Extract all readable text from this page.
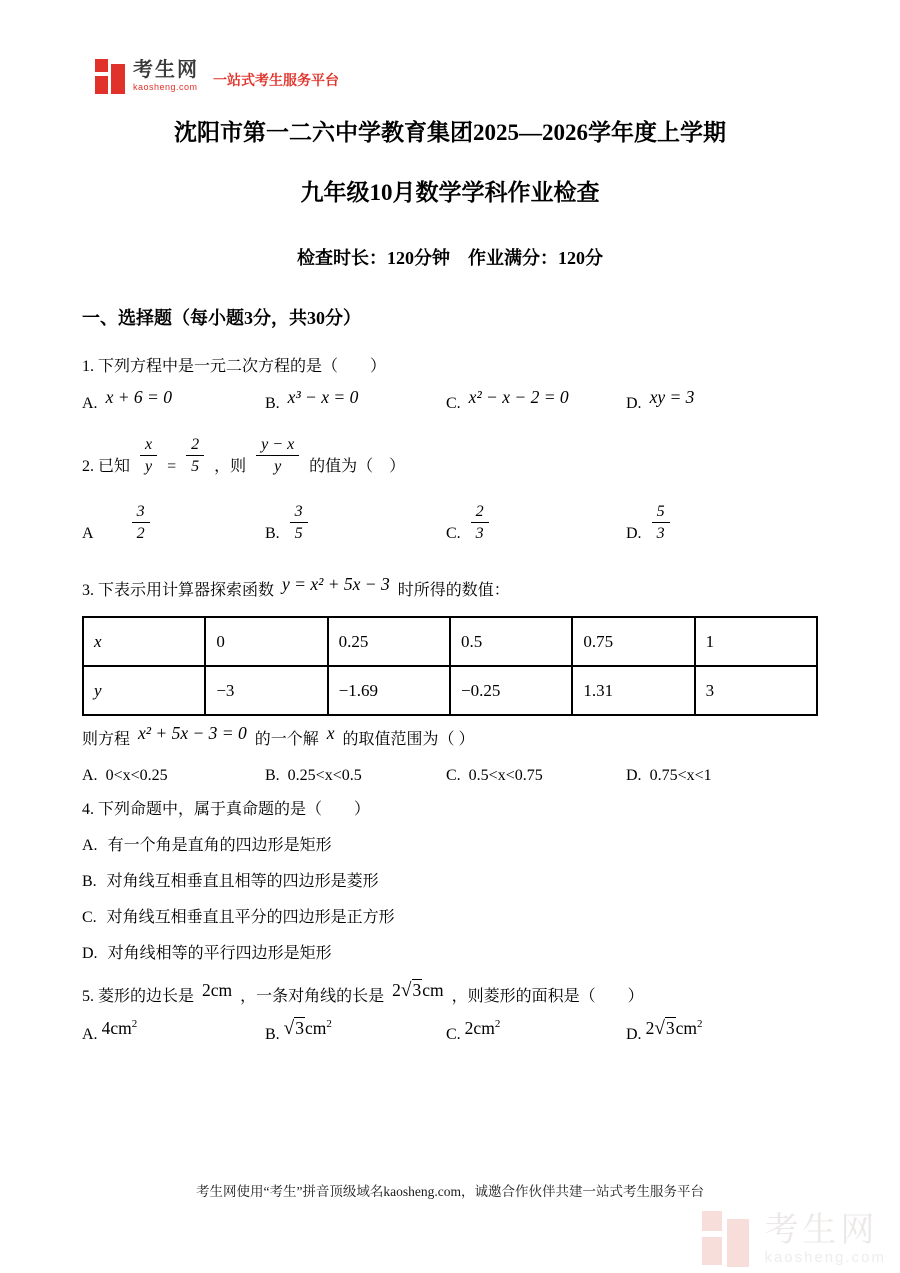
考生网
kaosheng.com 一站式考生服务平台
沈阳市第一二六中学教育集团2025—2026学年度上学期
九年级10月数学学科作业检查
检查时长：120分钟　作业满分：120分
一、选择题（每小题3分，共30分）
1. 下列方程中是一元二次方程的是（　　）
A. x + 6 = 0	B. x³ − x = 0	C. x² − x − 2 = 0	D. xy = 3
2. 已知 $\frac{x}{y} = \frac{2}{5}$ ，则 $\frac{y - x}{y}$ 的值为（　）
A $\frac{3}{2}$	B. $\frac{3}{5}$	C. $\frac{2}{3}$	D. $\frac{5}{3}$
3. 下表示用计算器探索函数 y = x² + 5x − 3 时所得的数值：
x	0	0.25	0.5	0.75	1
y	−3	−1.69	−0.25	1.31	3
则方程 x² + 5x − 3 = 0 的一个解 x 的取值范围为（ ）
A. 0<x<0.25	B. 0.25<x<0.5	C. 0.5<x<0.75	D. 0.75<x<1
4. 下列命题中，属于真命题的是（　　）
A. 有一个角是直角的四边形是矩形
B. 对角线互相垂直且相等的四边形是菱形
C. 对角线互相垂直且平分的四边形是正方形
D. 对角线相等的平行四边形是矩形
5. 菱形的边长是 2cm ，一条对角线的长是 2√3cm ，则菱形的面积是（　　）
A. $4cm^2$
B. $√3cm^2$
C. $2cm^2$
D. $2√3cm^2$
考生网使用“考生”拼音顶级域名kaosheng.com，诚邀合作伙伴共建一站式考生服务平台
考生网
kaosheng.com
